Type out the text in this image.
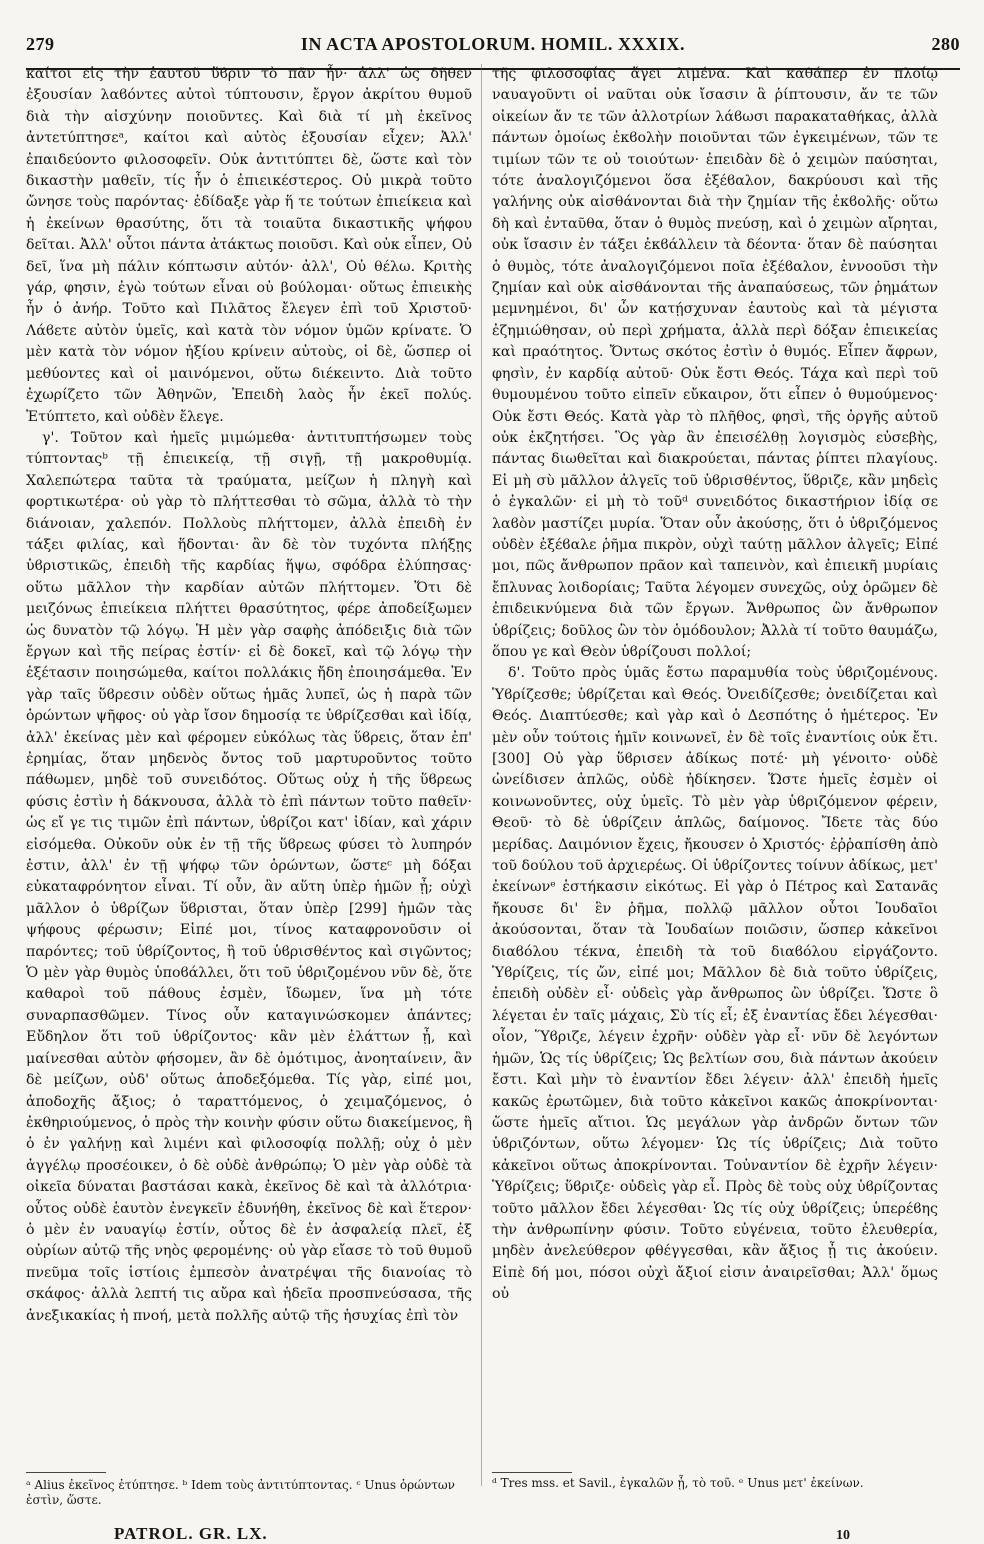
279	IN ACTA APOSTOLORUM. HOMIL. XXXIX.	280

καίτοι εἰς τὴν ἑαυτοῦ ὕϐριν τὸ πᾶν ἦν· ἀλλ' ὡς δῆθεν ἐξουσίαν λαϐόντες αὐτοὶ τύπτουσιν, ἔργον ἀκρίτου θυμοῦ διὰ τὴν αἰσχύνην ποιοῦντες. Καὶ διὰ τί μὴ ἐκεῖνος ἀντετύπτησεᵃ, καίτοι καὶ αὐτὸς ἐξουσίαν εἶχεν; Ἀλλ' ἐπαιδεύοντο φιλοσοφεῖν. Οὐκ ἀντιτύπτει δὲ, ὥστε καὶ τὸν δικαστὴν μαθεῖν, τίς ἦν ὁ ἐπιεικέστερος. Οὐ μικρὰ τοῦτο ὤνησε τοὺς παρόντας· ἐδίδαξε γὰρ ἥ τε τούτων ἐπιείκεια καὶ ἡ ἐκείνων θρασύτης, ὅτι τὰ τοιαῦτα δικαστικῆς ψήφου δεῖται. Ἀλλ' οὗτοι πάντα ἀτάκτως ποιοῦσι. Καὶ οὐκ εἶπεν, Οὐ δεῖ, ἵνα μὴ πάλιν κόπτωσιν αὐτόν· ἀλλ', Οὐ θέλω. Κριτὴς γάρ, φησιν, ἐγὼ τούτων εἶναι οὐ βούλομαι· οὕτως ἐπιεικὴς ἦν ὁ ἀνήρ. Τοῦτο καὶ Πιλᾶτος ἔλεγεν ἐπὶ τοῦ Χριστοῦ· Λάϐετε αὐτὸν ὑμεῖς, καὶ κατὰ τὸν νόμον ὑμῶν κρίνατε. Ὁ μὲν κατὰ τὸν νόμον ἠξίου κρίνειν αὐτοὺς, οἱ δὲ, ὥσπερ οἱ μεθύοντες καὶ οἱ μαινόμενοι, οὕτω διέκειντο. Διὰ τοῦτο ἐχωρίζετο τῶν Ἀθηνῶν, Ἐπειδὴ λαὸς ἦν ἐκεῖ πολύς. Ἐτύπτετο, καὶ οὐδὲν ἔλεγε.

γ'. Τοῦτον καὶ ἡμεῖς μιμώμεθα· ἀντιτυπτήσωμεν τοὺς τύπτονταςᵇ τῇ ἐπιεικείᾳ, τῇ σιγῇ, τῇ μακροθυμίᾳ. Χαλεπώτερα ταῦτα τὰ τραύματα, μείζων ἡ πληγὴ καὶ φορτικωτέρα· οὐ γὰρ τὸ πλήττεσθαι τὸ σῶμα, ἀλλὰ τὸ τὴν διάνοιαν, χαλεπόν. Πολλοὺς πλήττομεν, ἀλλὰ ἐπειδὴ ἐν τάξει φιλίας, καὶ ἥδονται· ἂν δὲ τὸν τυχόντα πλήξῃς ὑϐριστικῶς, ἐπειδὴ τῆς καρδίας ἥψω, σφόδρα ἐλύπησας· οὕτω μᾶλλον τὴν καρδίαν αὐτῶν πλήττομεν. Ὅτι δὲ μειζόνως ἐπιείκεια πλήττει θρασύτητος, φέρε ἀποδείξωμεν ὡς δυνατὸν τῷ λόγῳ. Ἡ μὲν γὰρ σαφὴς ἀπόδειξις διὰ τῶν ἔργων καὶ τῆς πείρας ἐστίν· εἰ δὲ δοκεῖ, καὶ τῷ λόγῳ τὴν ἐξέτασιν ποιησώμεθα, καίτοι πολλάκις ἤδη ἐποιησάμεθα. Ἐν γὰρ ταῖς ὕϐρεσιν οὐδὲν οὕτως ἡμᾶς λυπεῖ, ὡς ἡ παρὰ τῶν ὁρώντων ψῆφος· οὐ γὰρ ἴσον δημοσίᾳ τε ὑϐρίζεσθαι καὶ ἰδίᾳ, ἀλλ' ἐκείνας μὲν καὶ φέρομεν εὐκόλως τὰς ὕϐρεις, ὅταν ἐπ' ἐρημίας, ὅταν μηδενὸς ὄντος τοῦ μαρτυροῦντος τοῦτο πάθωμεν, μηδὲ τοῦ συνειδότος. Οὕτως οὐχ ἡ τῆς ὕϐρεως φύσις ἐστὶν ἡ δάκνουσα, ἀλλὰ τὸ ἐπὶ πάντων τοῦτο παθεῖν· ὡς εἴ γε τις τιμῶν ἐπὶ πάντων, ὑϐρίζοι κατ' ἰδίαν, καὶ χάριν εἰσόμεθα. Οὐκοῦν οὐκ ἐν τῇ τῆς ὕϐρεως φύσει τὸ λυπηρόν ἐστιν, ἀλλ' ἐν τῇ ψήφῳ τῶν ὁρώντων, ὥστεᶜ μὴ δόξαι εὐκαταφρόνητον εἶναι. Τί οὖν, ἂν αὕτη ὑπὲρ ἡμῶν ᾖ; οὐχὶ μᾶλλον ὁ ὑϐρίζων ὕϐρισται, ὅταν ὑπὲρ [299] ἡμῶν τὰς ψήφους φέρωσιν; Εἰπέ μοι, τίνος καταφρονοῦσιν οἱ παρόντες; τοῦ ὑϐρίζοντος, ἢ τοῦ ὑϐρισθέντος καὶ σιγῶντος; Ὁ μὲν γὰρ θυμὸς ὑποϐάλλει, ὅτι τοῦ ὑϐριζομένου νῦν δὲ, ὅτε καθαροὶ τοῦ πάθους ἐσμὲν, ἴδωμεν, ἵνα μὴ τότε συναρπασθῶμεν. Τίνος οὖν καταγινώσκομεν ἁπάντες; Εὔδηλον ὅτι τοῦ ὑϐρίζοντος· κἂν μὲν ἐλάττων ᾖ, καὶ μαίνεσθαι αὐτὸν φήσομεν, ἂν δὲ ὁμότιμος, ἀνοηταίνειν, ἂν δὲ μείζων, οὐδ' οὕτως ἀποδεξόμεθα. Τίς γὰρ, εἰπέ μοι, ἀποδοχῆς ἄξιος; ὁ ταραττόμενος, ὁ χειμαζόμενος, ὁ ἐκθηριούμενος, ὁ πρὸς τὴν κοινὴν φύσιν οὕτω διακείμενος, ἢ ὁ ἐν γαλήνῃ καὶ λιμένι καὶ φιλοσοφίᾳ πολλῇ; οὐχ ὁ μὲν ἀγγέλῳ προσέοικεν, ὁ δὲ οὐδὲ ἀνθρώπῳ; Ὁ μὲν γὰρ οὐδὲ τὰ οἰκεῖα δύναται βαστάσαι κακὰ, ἐκεῖνος δὲ καὶ τὰ ἀλλότρια· οὗτος οὐδὲ ἑαυτὸν ἐνεγκεῖν ἐδυνήθη, ἐκεῖνος δὲ καὶ ἕτερον· ὁ μὲν ἐν ναυαγίῳ ἐστίν, οὗτος δὲ ἐν ἀσφαλείᾳ πλεῖ, ἐξ οὐρίων αὐτῷ τῆς νηὸς φερομένης· οὐ γὰρ εἴασε τὸ τοῦ θυμοῦ πνεῦμα τοῖς ἱστίοις ἐμπεσὸν ἀνατρέψαι τῆς διανοίας τὸ σκάφος· ἀλλὰ λεπτή τις αὔρα καὶ ἡδεῖα προσπνεύσασα, τῆς ἀνεξικακίας ἡ πνοή, μετὰ πολλῆς αὐτῷ τῆς ἡσυχίας ἐπὶ τὸν

τῆς φιλοσοφίας ἄγει λιμένα. Καὶ καθάπερ ἐν πλοίῳ ναυαγοῦντι οἱ ναῦται οὐκ ἴσασιν ἃ ῥίπτουσιν, ἄν τε τῶν οἰκείων ἄν τε τῶν ἀλλοτρίων λάϐωσι παρακαταθήκας, ἀλλὰ πάντων ὁμοίως ἐκϐολὴν ποιοῦνται τῶν ἐγκειμένων, τῶν τε τιμίων τῶν τε οὐ τοιούτων· ἐπειδὰν δὲ ὁ χειμὼν παύσηται, τότε ἀναλογιζόμενοι ὅσα ἐξέϐαλον, δακρύουσι καὶ τῆς γαλήνης οὐκ αἰσθάνονται διὰ τὴν ζημίαν τῆς ἐκϐολῆς· οὕτω δὴ καὶ ἐνταῦθα, ὅταν ὁ θυμὸς πνεύσῃ, καὶ ὁ χειμὼν αἴρηται, οὐκ ἴσασιν ἐν τάξει ἐκϐάλλειν τὰ δέοντα· ὅταν δὲ παύσηται ὁ θυμὸς, τότε ἀναλογιζόμενοι ποῖα ἐξέϐαλον, ἐννοοῦσι τὴν ζημίαν καὶ οὐκ αἰσθάνονται τῆς ἀναπαύσεως, τῶν ῥημάτων μεμνημένοι, δι' ὧν κατῄσχυναν ἑαυτοὺς καὶ τὰ μέγιστα ἐζημιώθησαν, οὐ περὶ χρήματα, ἀλλὰ περὶ δόξαν ἐπιεικείας καὶ πραότητος. Ὄντως σκότος ἐστὶν ὁ θυμός. Εἶπεν ἄφρων, φησὶν, ἐν καρδίᾳ αὐτοῦ· Οὐκ ἔστι Θεός. Τάχα καὶ περὶ τοῦ θυμουμένου τοῦτο εἰπεῖν εὔκαιρον, ὅτι εἶπεν ὁ θυμούμενος· Οὐκ ἔστι Θεός. Κατὰ γὰρ τὸ πλῆθος, φησὶ, τῆς ὀργῆς αὐτοῦ οὐκ ἐκζητήσει. Ὃς γὰρ ἂν ἐπεισέλθῃ λογισμὸς εὐσεβὴς, πάντας διωθεῖται καὶ διακρούεται, πάντας ῥίπτει πλαγίους. Εἰ μὴ σὺ μᾶλλον ἀλγεῖς τοῦ ὑϐρισθέντος, ὕϐριζε, κἂν μηδεὶς ὁ ἐγκαλῶν· εἰ μὴ τὸ τοῦᵈ συνειδότος δικαστήριον ἰδίᾳ σε λαϐὸν μαστίζει μυρία. Ὅταν οὖν ἀκούσῃς, ὅτι ὁ ὑϐριζόμενος οὐδὲν ἐξέϐαλε ῥῆμα πικρὸν, οὐχὶ ταύτῃ μᾶλλον ἀλγεῖς; Εἰπέ μοι, πῶς ἄνθρωπον πρᾶον καὶ ταπεινὸν, καὶ ἐπιεικῆ μυρίαις ἔπλυνας λοιδορίαις; Ταῦτα λέγομεν συνεχῶς, οὐχ ὁρῶμεν δὲ ἐπιδεικνύμενα διὰ τῶν ἔργων. Ἄνθρωπος ὢν ἄνθρωπον ὑϐρίζεις; δοῦλος ὢν τὸν ὁμόδουλον; Ἀλλὰ τί τοῦτο θαυμάζω, ὅπου γε καὶ Θεὸν ὑϐρίζουσι πολλοί;

δ'. Τοῦτο πρὸς ὑμᾶς ἔστω παραμυθία τοὺς ὑϐριζομένους. Ὑϐρίζεσθε; ὑϐρίζεται καὶ Θεός. Ὀνειδίζεσθε; ὀνειδίζεται καὶ Θεός. Διαπτύεσθε; καὶ γὰρ καὶ ὁ Δεσπότης ὁ ἡμέτερος. Ἐν μὲν οὖν τούτοις ἡμῖν κοινωνεῖ, ἐν δὲ τοῖς ἐναντίοις οὐκ ἔτι. [300] Οὐ γὰρ ὕϐρισεν ἀδίκως ποτέ· μὴ γένοιτο· οὐδὲ ὠνείδισεν ἁπλῶς, οὐδὲ ἠδίκησεν. Ὥστε ἡμεῖς ἐσμὲν οἱ κοινωνοῦντες, οὐχ ὑμεῖς. Τὸ μὲν γὰρ ὑϐριζόμενον φέρειν, Θεοῦ· τὸ δὲ ὑϐρίζειν ἁπλῶς, δαίμονος. Ἴδετε τὰς δύο μερίδας. Δαιμόνιον ἔχεις, ἤκουσεν ὁ Χριστός· ἐῤῥαπίσθη ἀπὸ τοῦ δούλου τοῦ ἀρχιερέως. Οἱ ὑϐρίζοντες τοίνυν ἀδίκως, μετ' ἐκείνωνᵉ ἑστήκασιν εἰκότως. Εἰ γὰρ ὁ Πέτρος καὶ Σατανᾶς ἤκουσε δι' ἓν ῥῆμα, πολλῷ μᾶλλον οὗτοι Ἰουδαῖοι ἀκούσονται, ὅταν τὰ Ἰουδαίων ποιῶσιν, ὥσπερ κἀκεῖνοι διαϐόλου τέκνα, ἐπειδὴ τὰ τοῦ διαϐόλου εἰργάζοντο. Ὑϐρίζεις, τίς ὤν, εἰπέ μοι; Μᾶλλον δὲ διὰ τοῦτο ὑϐρίζεις, ἐπειδὴ οὐδὲν εἶ· οὐδεὶς γὰρ ἄνθρωπος ὢν ὑϐρίζει. Ὥστε ὃ λέγεται ἐν ταῖς μάχαις, Σὺ τίς εἶ; ἐξ ἐναντίας ἔδει λέγεσθαι· οἷον, Ὕϐριζε, λέγειν ἐχρῆν· οὐδὲν γὰρ εἶ· νῦν δὲ λεγόντων ἡμῶν, Ὡς τίς ὑϐρίζεις; Ὡς βελτίων σου, διὰ πάντων ἀκούειν ἔστι. Καὶ μὴν τὸ ἐναντίον ἔδει λέγειν· ἀλλ' ἐπειδὴ ἡμεῖς κακῶς ἐρωτῶμεν, διὰ τοῦτο κἀκεῖνοι κακῶς ἀποκρίνονται· ὥστε ἡμεῖς αἴτιοι. Ὡς μεγάλων γὰρ ἀνδρῶν ὄντων τῶν ὑϐριζόντων, οὕτω λέγομεν· Ὡς τίς ὑϐρίζεις; Διὰ τοῦτο κἀκεῖνοι οὕτως ἀποκρίνονται. Τοὐναντίον δὲ ἐχρῆν λέγειν· Ὑϐρίζεις; ὕϐριζε· οὐδεὶς γὰρ εἶ. Πρὸς δὲ τοὺς οὐχ ὑϐρίζοντας τοῦτο μᾶλλον ἔδει λέγεσθαι· Ὡς τίς οὐχ ὑϐρίζεις; ὑπερέϐης τὴν ἀνθρωπίνην φύσιν. Τοῦτο εὐγένεια, τοῦτο ἐλευθερία, μηδὲν ἀνελεύθερον φθέγγεσθαι, κἂν ἄξιος ᾖ τις ἀκούειν. Εἰπὲ δή μοι, πόσοι οὐχὶ ἄξιοί εἰσιν ἀναιρεῖσθαι; Ἀλλ' ὅμως οὐ

ᵃ Alius ἐκεῖνος ἐτύπτησε. ᵇ Idem τοὺς ἀντιτύπτοντας. ᶜ Unus ὁρώντων ἐστὶν, ὥστε.
ᵈ Tres mss. et Savil., ἐγκαλῶν ᾖ, τὸ τοῦ. ᵉ Unus μετ' ἐκείνων.
PATROL. GR. LX.	10
